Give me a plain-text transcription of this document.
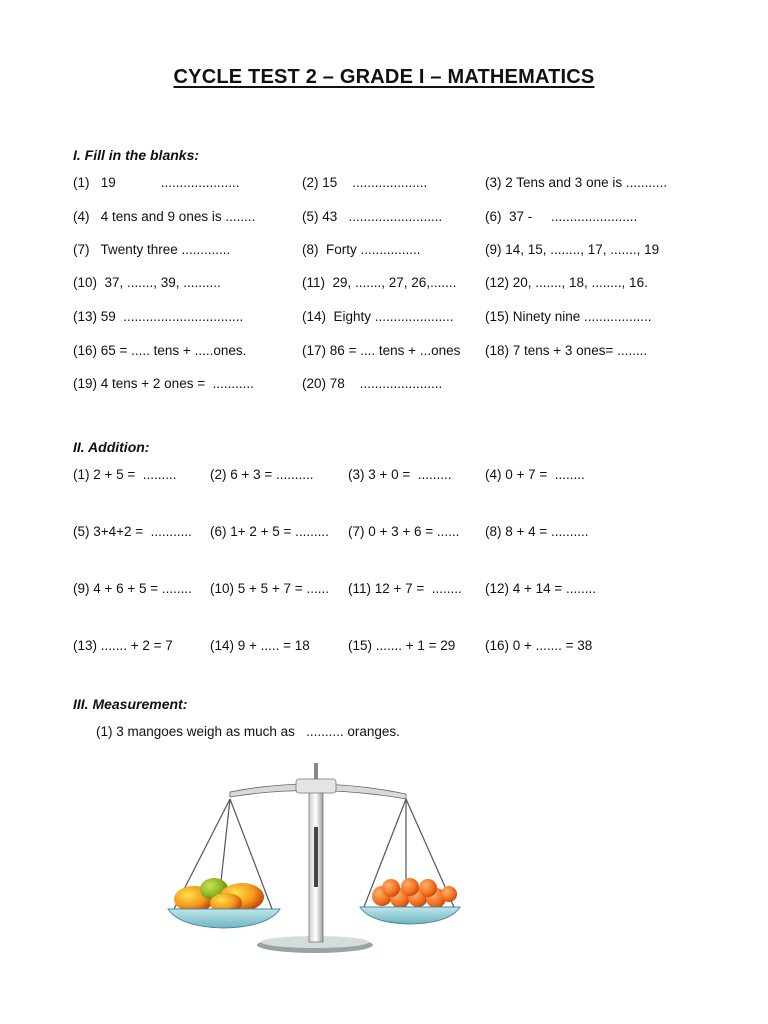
CYCLE TEST 2 – GRADE I – MATHEMATICS
I. Fill in the blanks:
(1)   19            .....................	(2) 15    ....................	(3) 2 Tens and 3 one is ...........
(4)   4 tens and 9 ones is ........	(5) 43   .........................	(6)  37 -     .......................
(7)   Twenty three .............	(8)  Forty ................	(9) 14, 15, ........, 17, ......., 19
(10)  37, ......., 39, ..........	(11)  29, ......., 27, 26,....... (12) 20, ......., 18, ........, 16.
(13) 59  ................................	(14)  Eighty ..................... (15) Ninety nine ..................
(16) 65 = ..... tens + .....ones.	(17) 86 = .... tens + ...ones (18) 7 tens + 3 ones= ........
(19) 4 tens + 2 ones =  ...........	(20) 78    ......................
II. Addition:
(1) 2 + 5 =  ......... (2) 6 + 3 = ..........	(3) 3 + 0 =  ......... (4) 0 + 7 =  ........
(5) 3+4+2 =  ........... (6) 1+ 2 + 5 = ......... (7) 0 + 3 + 6 = ...... (8) 8 + 4 = ..........
(9) 4 + 6 + 5 = ........ (10) 5 + 5 + 7 = ...... (11) 12 + 7 =  ........ (12) 4 + 14 = ........
(13) ....... + 2 = 7	(14) 9 + ..... = 18	(15) ....... + 1 = 29 (16) 0 + ....... = 38
III. Measurement:
(1) 3 mangoes weigh as much as   .......... oranges.
